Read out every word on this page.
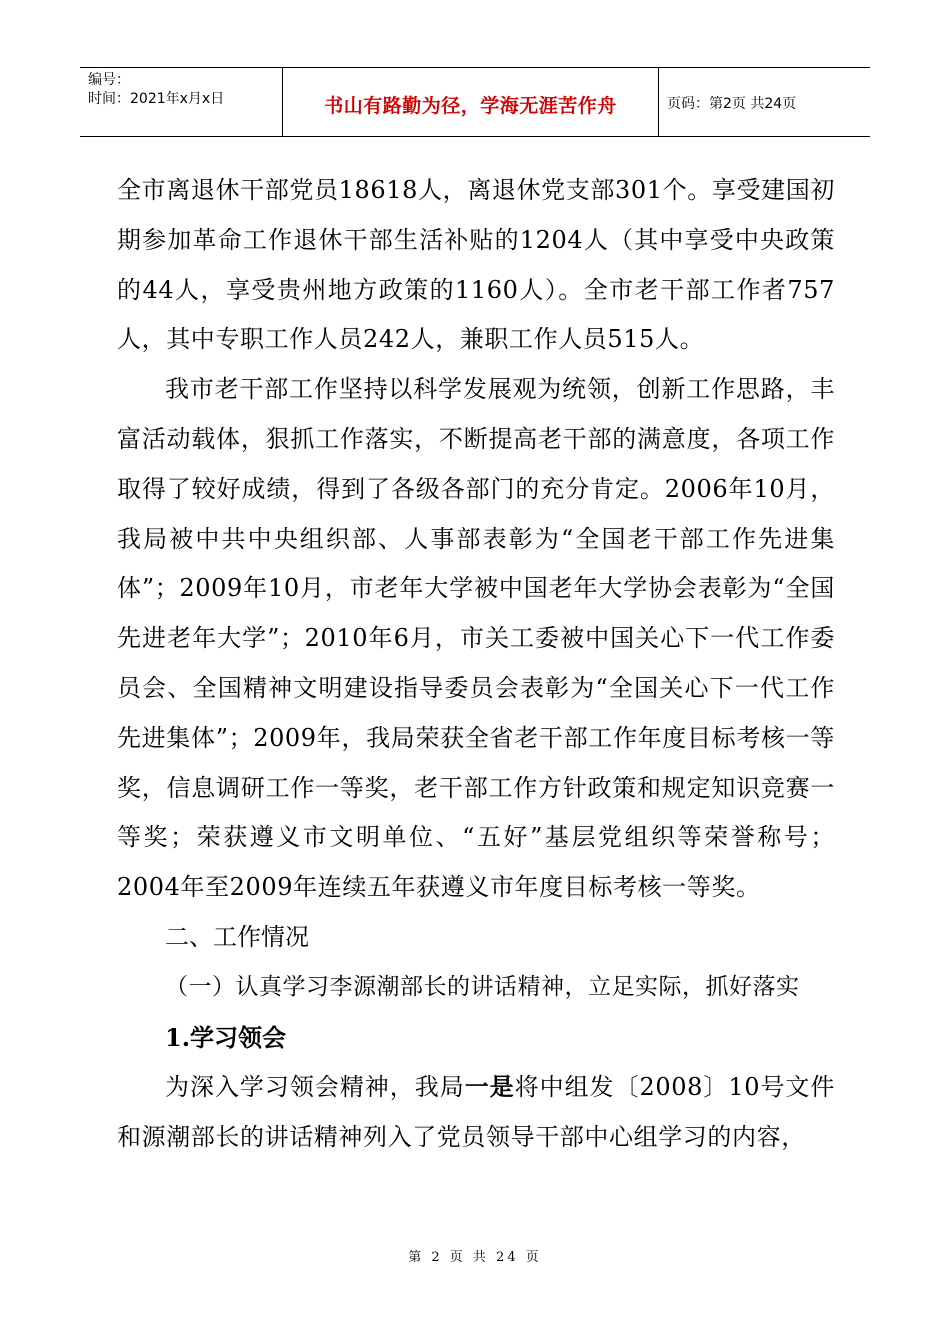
编号：
时间：2021年x月x日	书山有路勤为径，学海无涯苦作舟	页码：第2页 共24页

全市离退休干部党员18618人，离退休党支部301个。享受建国初期参加革命工作退休干部生活补贴的1204人（其中享受中央政策的44人，享受贵州地方政策的1160人）。全市老干部工作者757人，其中专职工作人员242人，兼职工作人员515人。

我市老干部工作坚持以科学发展观为统领，创新工作思路，丰富活动载体，狠抓工作落实，不断提高老干部的满意度，各项工作取得了较好成绩，得到了各级各部门的充分肯定。2006年10月，我局被中共中央组织部、人事部表彰为“全国老干部工作先进集体”；2009年10月，市老年大学被中国老年大学协会表彰为“全国先进老年大学”；2010年6月，市关工委被中国关心下一代工作委员会、全国精神文明建设指导委员会表彰为“全国关心下一代工作先进集体”；2009年，我局荣获全省老干部工作年度目标考核一等奖，信息调研工作一等奖，老干部工作方针政策和规定知识竞赛一等奖；荣获遵义市文明单位、“五好”基层党组织等荣誉称号；2004年至2009年连续五年获遵义市年度目标考核一等奖。

二、工作情况

（一）认真学习李源潮部长的讲话精神，立足实际，抓好落实

1.学习领会

为深入学习领会精神，我局一是将中组发〔2008〕10号文件和源潮部长的讲话精神列入了党员领导干部中心组学习的内容，

第 2 页 共 24 页
